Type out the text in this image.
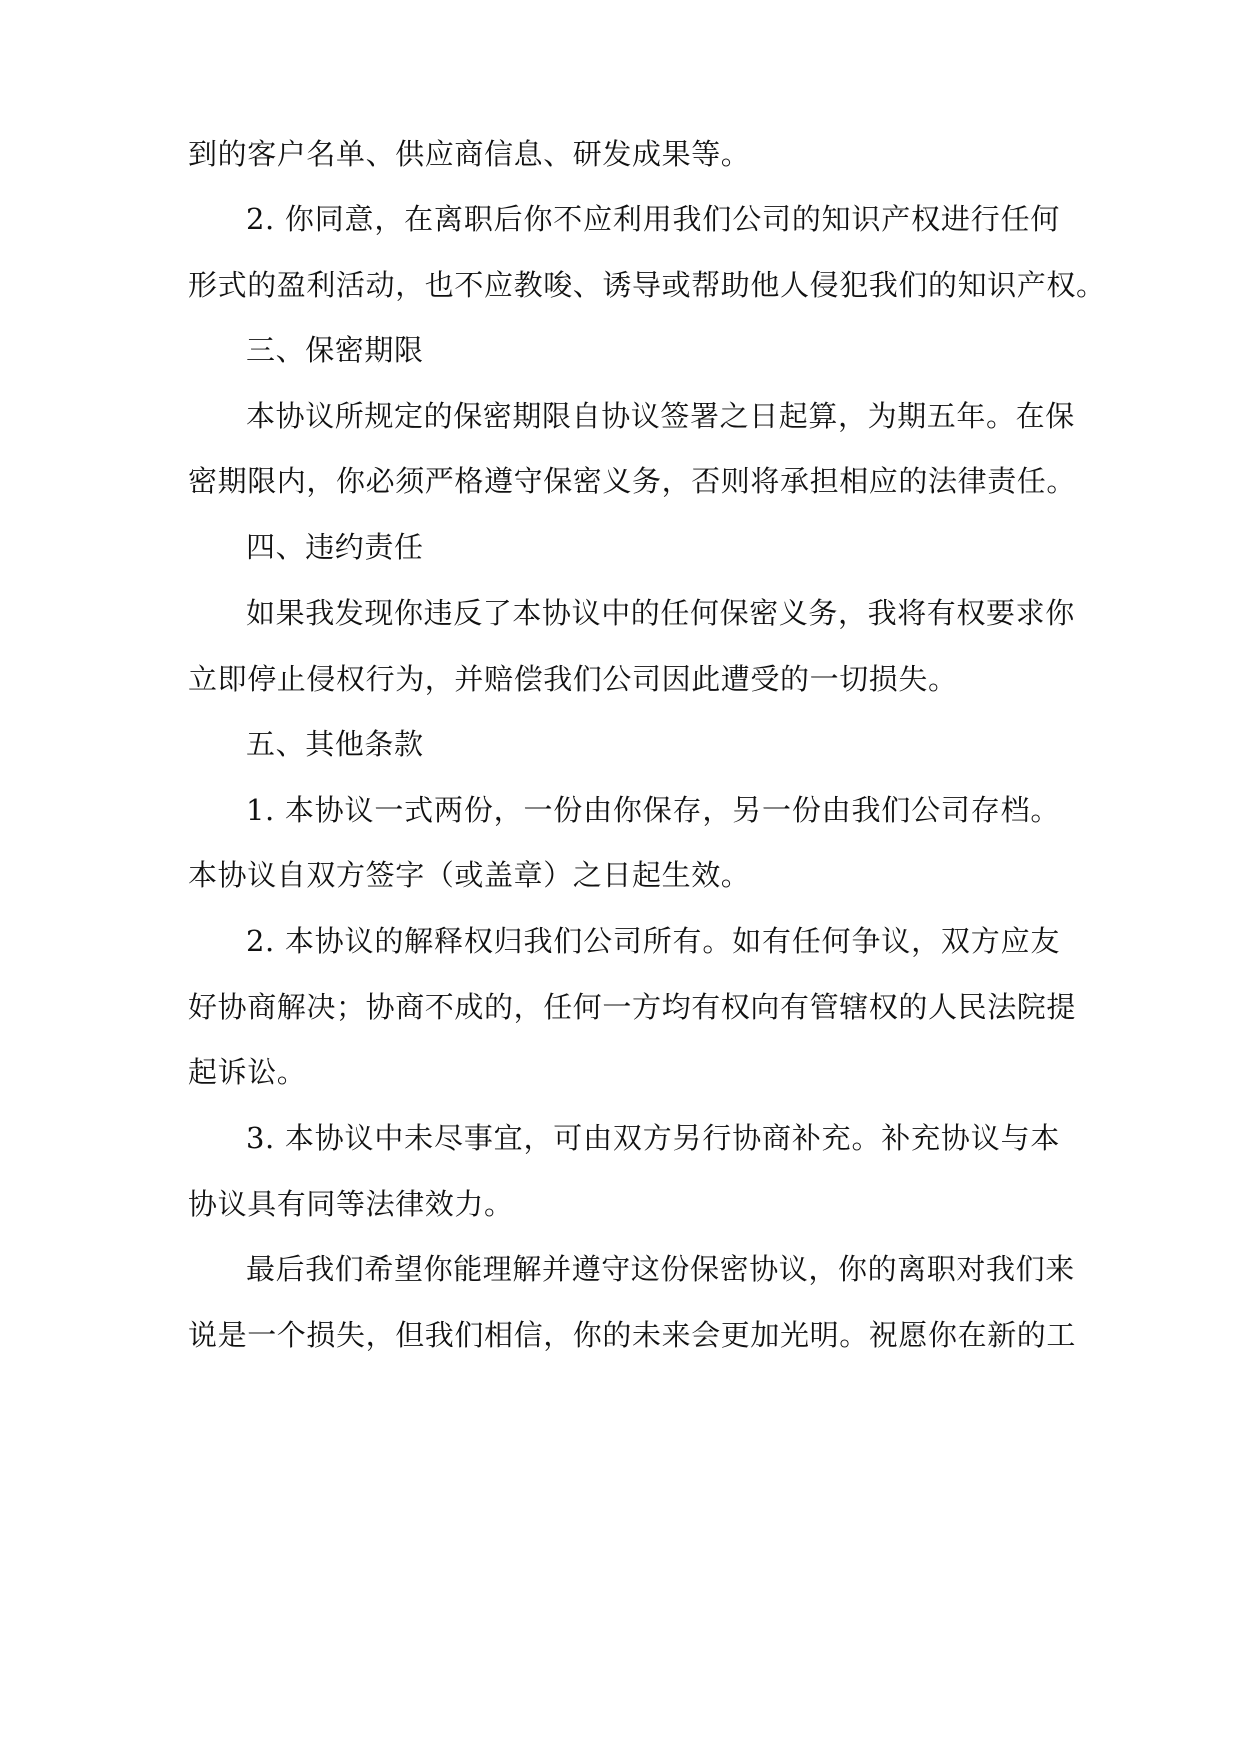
到的客户名单、供应商信息、研发成果等。
2. 你同意，在离职后你不应利用我们公司的知识产权进行任何
形式的盈利活动，也不应教唆、诱导或帮助他人侵犯我们的知识产权。
三、保密期限
本协议所规定的保密期限自协议签署之日起算，为期五年。在保
密期限内，你必须严格遵守保密义务，否则将承担相应的法律责任。
四、违约责任
如果我发现你违反了本协议中的任何保密义务，我将有权要求你
立即停止侵权行为，并赔偿我们公司因此遭受的一切损失。
五、其他条款
1. 本协议一式两份，一份由你保存，另一份由我们公司存档。
本协议自双方签字（或盖章）之日起生效。
2. 本协议的解释权归我们公司所有。如有任何争议，双方应友
好协商解决；协商不成的，任何一方均有权向有管辖权的人民法院提
起诉讼。
3. 本协议中未尽事宜，可由双方另行协商补充。补充协议与本
协议具有同等法律效力。
最后我们希望你能理解并遵守这份保密协议，你的离职对我们来
说是一个损失，但我们相信，你的未来会更加光明。祝愿你在新的工
